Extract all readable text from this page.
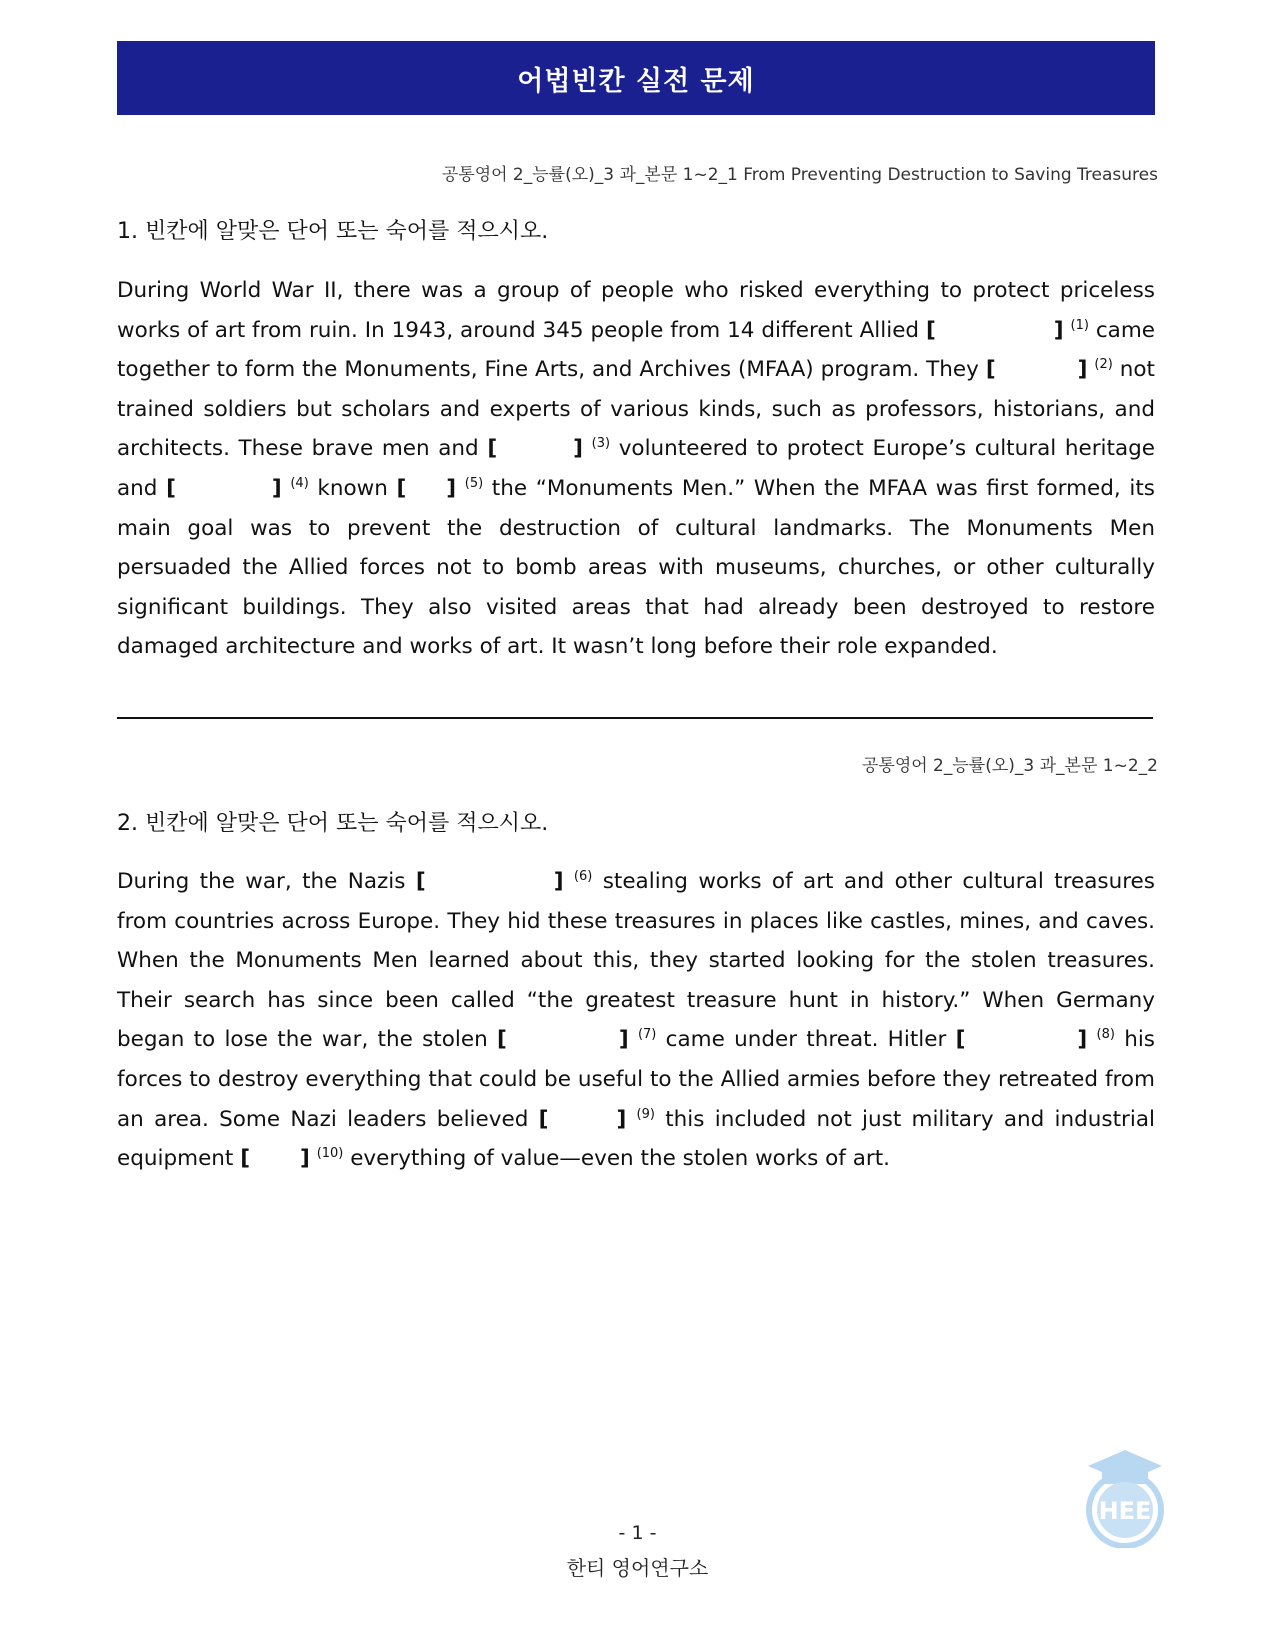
어법빈칸 실전 문제
공통영어 2_능률(오)_3 과_본문 1~2_1 From Preventing Destruction to Saving Treasures
1. 빈칸에 알맞은 단어 또는 숙어를 적으시오.
During World War II, there was a group of people who risked everything to protect priceless works of art from ruin. In 1943, around 345 people from 14 different Allied [	] $^{(1)}$ came together to form the Monuments, Fine Arts, and Archives (MFAA) program. They [	] $^{(2)}$ not trained soldiers but scholars and experts of various kinds, such as professors, historians, and architects. These brave men and [	] $^{(3)}$ volunteered to protect Europe’s cultural heritage and [	] $^{(4)}$ known [ ] $^{(5)}$ the “Monuments Men.” When the MFAA was first formed, its main goal was to prevent the destruction of cultural landmarks. The Monuments Men persuaded the Allied forces not to bomb areas with museums, churches, or other culturally significant buildings. They also visited areas that had already been destroyed to restore damaged architecture and works of art. It wasn’t long before their role expanded.
공통영어 2_능률(오)_3 과_본문 1~2_2
2. 빈칸에 알맞은 단어 또는 숙어를 적으시오.
During the war, the Nazis [	] $^{(6)}$ stealing works of art and other cultural treasures from countries across Europe. They hid these treasures in places like castles, mines, and caves. When the Monuments Men learned about this, they started looking for the stolen treasures. Their search has since been called “the greatest treasure hunt in history.” When Germany began to lose the war, the stolen [	] $^{(7)}$ came under threat. Hitler [	] $^{(8)}$ his forces to destroy everything that could be useful to the Allied armies before they retreated from an area. Some Nazi leaders believed [	] $^{(9)}$ this included not just military and industrial equipment [ ] $^{(10)}$ everything of value—even the stolen works of art.
HEE
- 1 -
한티 영어연구소
